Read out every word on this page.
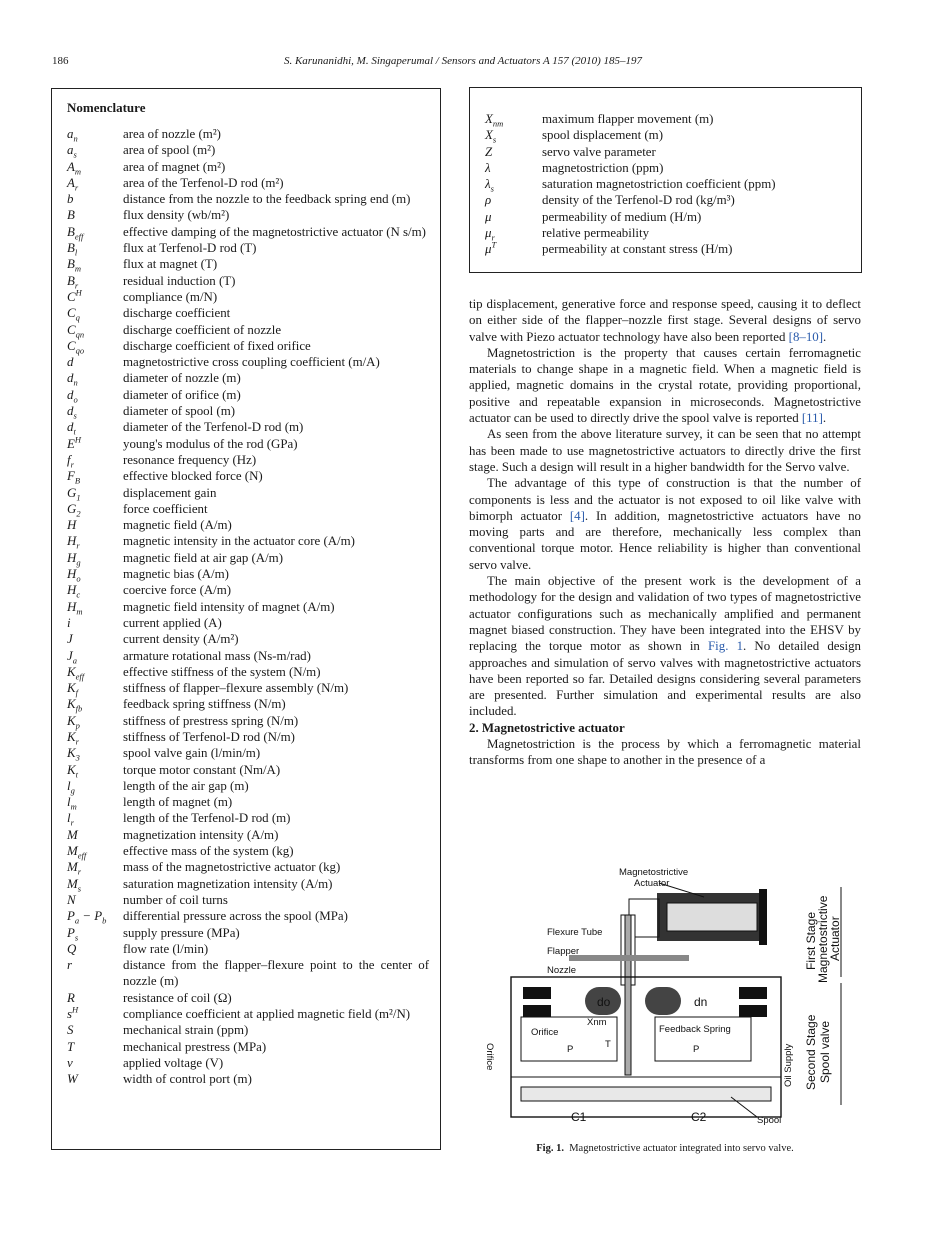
186	S. Karunanidhi, M. Singaperumal / Sensors and Actuators A 157 (2010) 185–197
Nomenclature
$a_n$	area of nozzle (m²)
$a_s$	area of spool (m²)
$A_m$	area of magnet (m²)
$A_r$	area of the Terfenol-D rod (m²)
b	distance from the nozzle to the feedback spring end (m)
B	flux density (wb/m²)
$B_{eff}$	effective damping of the magnetostrictive actuator (N s/m)
$B_l$	flux at Terfenol-D rod (T)
$B_m$	flux at magnet (T)
$B_r$	residual induction (T)
$C^H$	compliance (m/N)
$C_q$	discharge coefficient
$C_{qn}$	discharge coefficient of nozzle
$C_{qo}$	discharge coefficient of fixed orifice
d	magnetostrictive cross coupling coefficient (m/A)
$d_n$	diameter of nozzle (m)
$d_o$	diameter of orifice (m)
$d_s$	diameter of spool (m)
$d_t$	diameter of the Terfenol-D rod (m)
$E^H$	young's modulus of the rod (GPa)
$f_r$	resonance frequency (Hz)
$F_B$	effective blocked force (N)
$G_1$	displacement gain
$G_2$	force coefficient
H	magnetic field (A/m)
$H_r$	magnetic intensity in the actuator core (A/m)
$H_g$	magnetic field at air gap (A/m)
$H_o$	magnetic bias (A/m)
$H_c$	coercive force (A/m)
$H_m$	magnetic field intensity of magnet (A/m)
i	current applied (A)
J	current density (A/m²)
$J_a$	armature rotational mass (Ns-m/rad)
$K_{eff}$	effective stiffness of the system (N/m)
$K_f$	stiffness of flapper–flexure assembly (N/m)
$K_{fb}$	feedback spring stiffness (N/m)
$K_p$	stiffness of prestress spring (N/m)
$K_r$	stiffness of Terfenol-D rod (N/m)
$K_3$	spool valve gain (l/min/m)
$K_t$	torque motor constant (Nm/A)
$l_g$	length of the air gap (m)
$l_m$	length of magnet (m)
$l_r$	length of the Terfenol-D rod (m)
M	magnetization intensity (A/m)
$M_{eff}$	effective mass of the system (kg)
$M_r$	mass of the magnetostrictive actuator (kg)
$M_s$	saturation magnetization intensity (A/m)
N	number of coil turns
$P_a - P_b$	differential pressure across the spool (MPa)
$P_s$	supply pressure (MPa)
Q	flow rate (l/min)
r	distance from the flapper–flexure point to the center of nozzle (m)
R	resistance of coil (Ω)
$s^H$	compliance coefficient at applied magnetic field (m²/N)
S	mechanical strain (ppm)
T	mechanical prestress (MPa)
v	applied voltage (V)
W	width of control port (m)
$X_{nm}$	maximum flapper movement (m)
$X_s$	spool displacement (m)
Z	servo valve parameter
λ	magnetostriction (ppm)
$\lambda_s$	saturation magnetostriction coefficient (ppm)
ρ	density of the Terfenol-D rod (kg/m³)
μ	permeability of medium (H/m)
$\mu_r$	relative permeability
$\mu^T$	permeability at constant stress (H/m)

tip displacement, generative force and response speed, causing it to deflect on either side of the flapper–nozzle first stage. Several designs of servo valve with Piezo actuator technology have also been reported [8–10].

Magnetostriction is the property that causes certain ferromagnetic materials to change shape in a magnetic field. When a magnetic field is applied, magnetic domains in the crystal rotate, providing proportional, positive and repeatable expansion in microseconds. Magnetostrictive actuator can be used to directly drive the spool valve is reported [11].

As seen from the above literature survey, it can be seen that no attempt has been made to use magnetostrictive actuators to directly drive the first stage. Such a design will result in a higher bandwidth for the Servo valve.

The advantage of this type of construction is that the number of components is less and the actuator is not exposed to oil like valve with bimorph actuator [4]. In addition, magnetostrictive actuators have no moving parts and are therefore, mechanically less complex than conventional torque motor. Hence reliability is higher than conventional servo valve.

The main objective of the present work is the development of a methodology for the design and validation of two types of magnetostrictive actuator configurations such as mechanically amplified and permanent magnet biased construction. They have been integrated into the EHSV by replacing the torque motor as shown in Fig. 1. No detailed design approaches and simulation of servo valves with magnetostrictive actuators have been reported so far. Detailed designs considering several parameters are presented. Further simulation and experimental results are also included.

2. Magnetostrictive actuator

Magnetostriction is the process by which a ferromagnetic material transforms from one shape to another in the presence of a

Magnetostrictive
Actuator
Flexure Tube
Flapper
Nozzle
do	dn
Orifice
Xnm
Feedback Spring
P	T	P
Orifice
C1	C2	Spool
Oil Supply
First Stage
Magnetostrictive
Actuator
Second Stage Spool valve
Fig. 1. Magnetostrictive actuator integrated into servo valve.
